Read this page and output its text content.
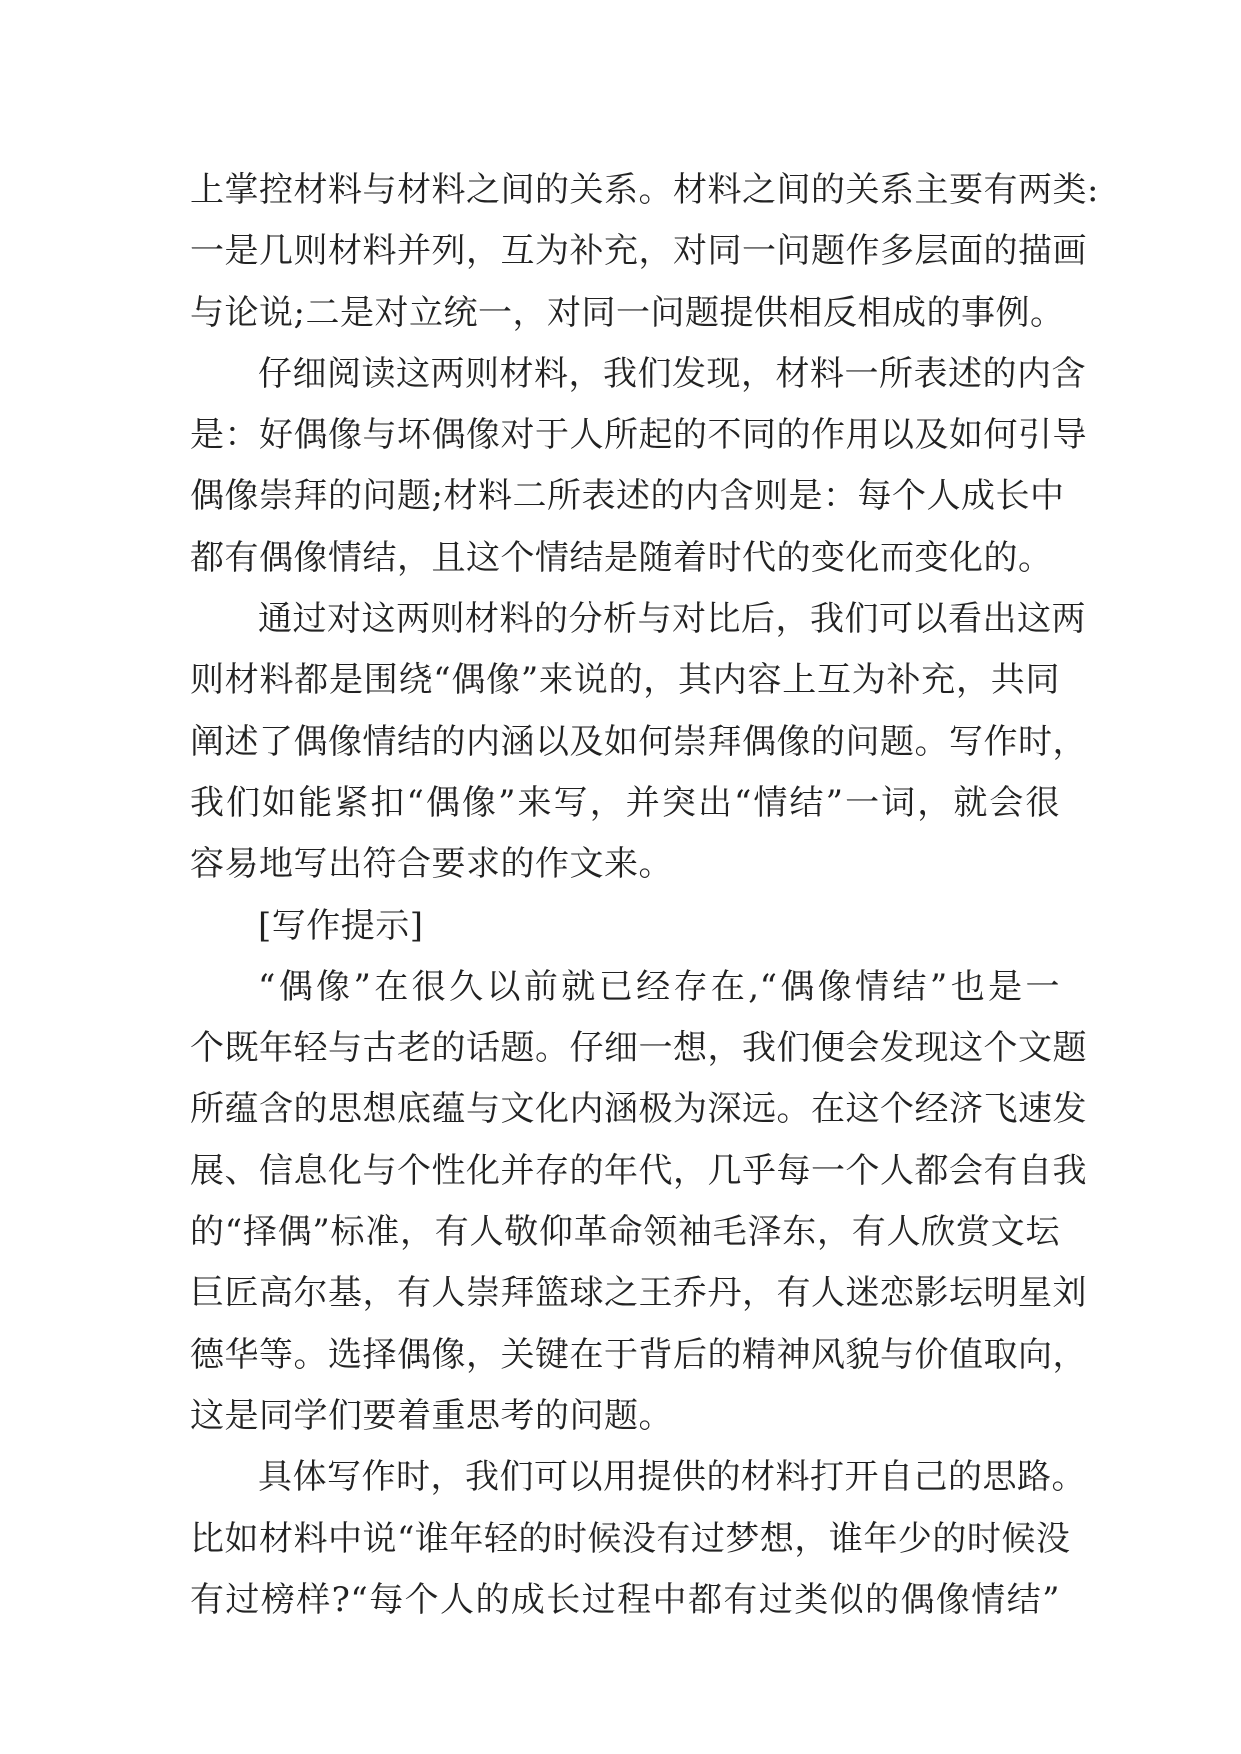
上掌控材料与材料之间的关系。材料之间的关系主要有两类:
一是几则材料并列，互为补充，对同一问题作多层面的描画
与论说;二是对立统一，对同一问题提供相反相成的事例。
仔细阅读这两则材料，我们发现，材料一所表述的内含
是：好偶像与坏偶像对于人所起的不同的作用以及如何引导
偶像崇拜的问题;材料二所表述的内含则是：每个人成长中
都有偶像情结，且这个情结是随着时代的变化而变化的。
通过对这两则材料的分析与对比后，我们可以看出这两
则材料都是围绕“偶像”来说的，其内容上互为补充，共同
阐述了偶像情结的内涵以及如何崇拜偶像的问题。写作时，
我们如能紧扣“偶像”来写，并突出“情结”一词，就会很
容易地写出符合要求的作文来。
[写作提示]
“偶像”在很久以前就已经存在,“偶像情结”也是一
个既年轻与古老的话题。仔细一想，我们便会发现这个文题
所蕴含的思想底蕴与文化内涵极为深远。在这个经济飞速发
展、信息化与个性化并存的年代，几乎每一个人都会有自我
的“择偶”标准，有人敬仰革命领袖毛泽东，有人欣赏文坛
巨匠高尔基，有人崇拜篮球之王乔丹，有人迷恋影坛明星刘
德华等。选择偶像，关键在于背后的精神风貌与价值取向，
这是同学们要着重思考的问题。
具体写作时，我们可以用提供的材料打开自己的思路。
比如材料中说“谁年轻的时候没有过梦想，谁年少的时候没
有过榜样?“每个人的成长过程中都有过类似的偶像情结”
